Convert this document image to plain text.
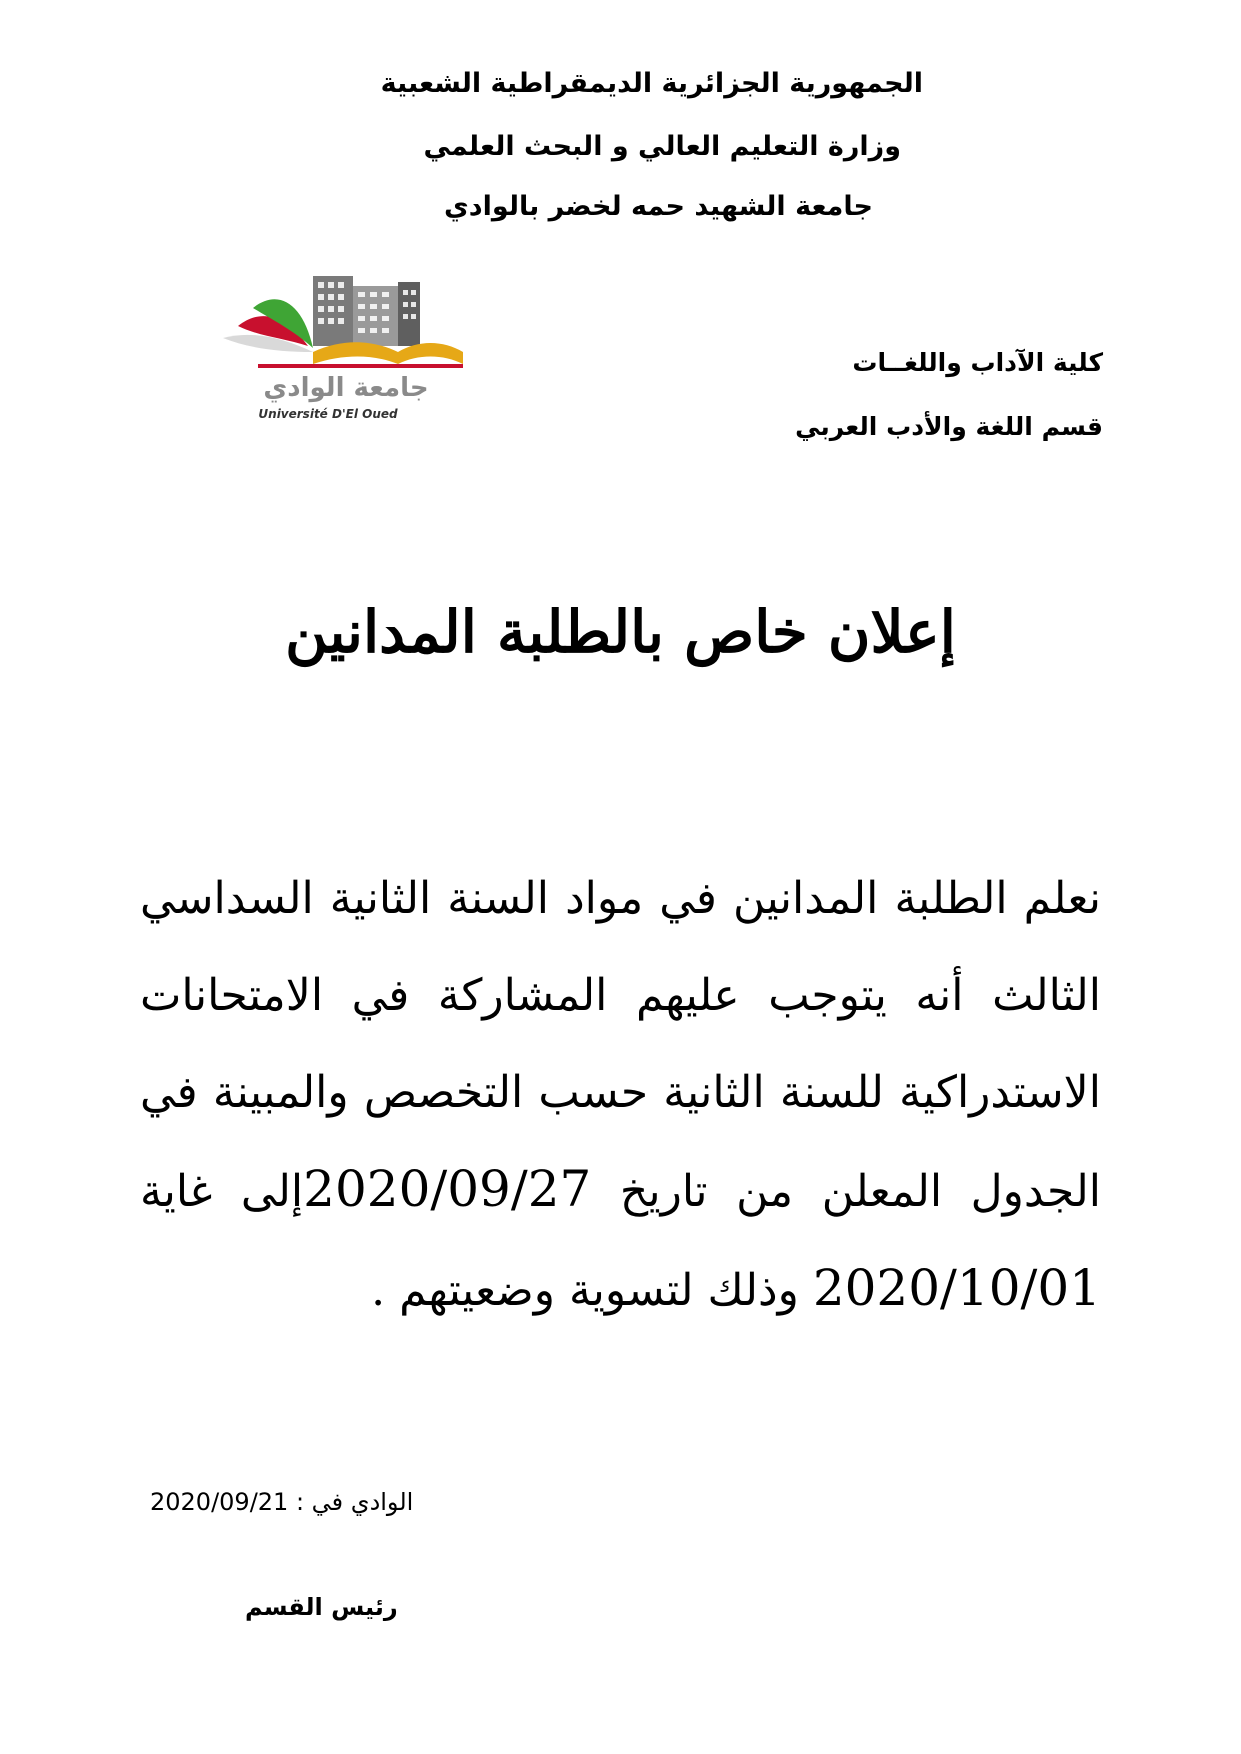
الجمهورية الجزائرية الديمقراطية الشعبية
وزارة التعليم العالي و البحث العلمي
جامعة الشهيد حمه لخضر بالوادي
جامعة الوادي
Université D'El Oued
كلية الآداب واللغــات
قسم اللغة والأدب العربي
إعلان خاص بالطلبة المدانين
نعلم الطلبة المدانين في مواد السنة الثانية السداسي الثالث أنه يتوجب عليهم المشاركة في الامتحانات الاستدراكية للسنة الثانية حسب التخصص والمبينة في الجدول المعلن من تاريخ 2020/09/27إلى غاية 2020/10/01 وذلك لتسوية وضعيتهم .
الوادي في : 2020/09/21
رئيس القسم
